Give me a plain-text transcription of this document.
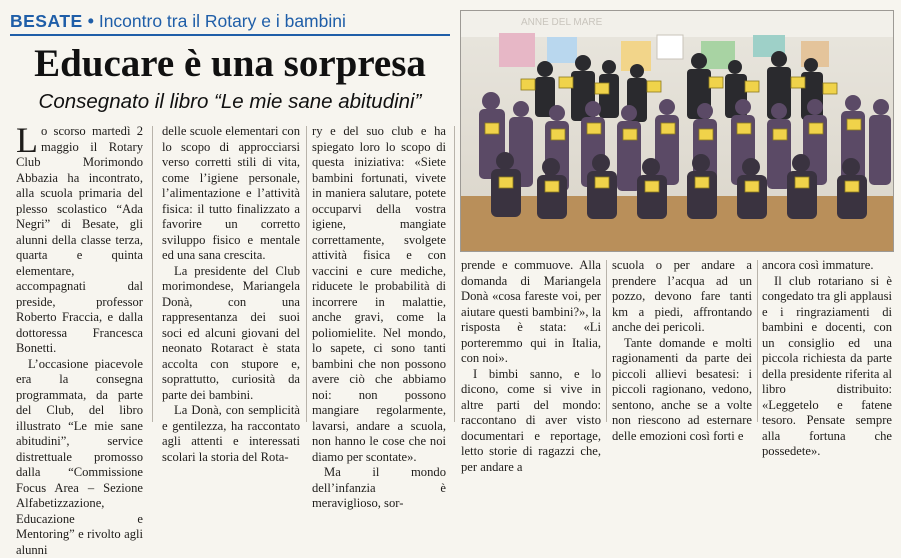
BESATE • Incontro tra il Rotary e i bambini
Educare è una sorpresa
Consegnato il libro “Le mie sane abitudini”

Lo scorso martedì 2 maggio il Rotary Club Morimondo Abbazia ha incontrato, alla scuola primaria del plesso scolastico “Ada Negri” di Besate, gli alunni della classe terza, quarta e quinta elementare, accompagnati dal preside, professor Roberto Fraccia, e dalla dottoressa Francesca Bonetti.

L’occasione piacevole era la consegna programmata, da parte del Club, del libro illustrato “Le mie sane abitudini”, service distrettuale promosso dalla “Commissione Focus Area – Sezione Alfabetizzazione, Educazione e Mentoring” e rivolto agli alunni

delle scuole elementari con lo scopo di approcciarsi verso corretti stili di vita, come l’igiene personale, l’alimentazione e l’attività fisica: il tutto finalizzato a favorire un corretto sviluppo fisico e mentale ed una sana crescita.

La presidente del Club morimondese, Mariangela Donà, con una rappresentanza dei suoi soci ed alcuni giovani del neonato Rotaract è stata accolta con stupore e, soprattutto, curiosità da parte dei bambini.

La Donà, con semplicità e gentilezza, ha raccontato agli attenti e interessati scolari la storia del Rota-

ry e del suo club e ha spiegato loro lo scopo di questa iniziativa: «Siete bambini fortunati, vivete in maniera salutare, potete occuparvi della vostra igiene, mangiate correttamente, svolgete attività fisica e con vaccini e cure mediche, riducete le probabilità di incorrere in malattie, anche gravi, come la poliomielite. Nel mondo, lo sapete, ci sono tanti bambini che non possono avere ciò che abbiamo noi: non possono mangiare regolarmente, lavarsi, andare a scuola, non hanno le cose che noi diamo per scontate».

Ma il mondo dell’infanzia è meraviglioso, sor-

ANNE DEL MARE

prende e commuove. Alla domanda di Mariangela Donà «cosa fareste voi, per aiutare questi bambini?», la risposta è stata: «Li porteremmo qui in Italia, con noi».

I bimbi sanno, e lo dicono, come si vive in altre parti del mondo: raccontano di aver visto documentari e reportage, letto storie di ragazzi che, per andare a

scuola o per andare a prendere l’acqua ad un pozzo, devono fare tanti km a piedi, affrontando anche dei pericoli.

Tante domande e molti ragionamenti da parte dei piccoli allievi besatesi: i piccoli ragionano, vedono, sentono, anche se a volte non riescono ad esternare delle emozioni così forti e

ancora così immature.

Il club rotariano si è congedato tra gli applausi e i ringraziamenti di bambini e docenti, con un consiglio ed una piccola richiesta da parte della presidente riferita al libro distribuito: «Leggetelo e fatene tesoro. Pensate sempre alla fortuna che possedete».
